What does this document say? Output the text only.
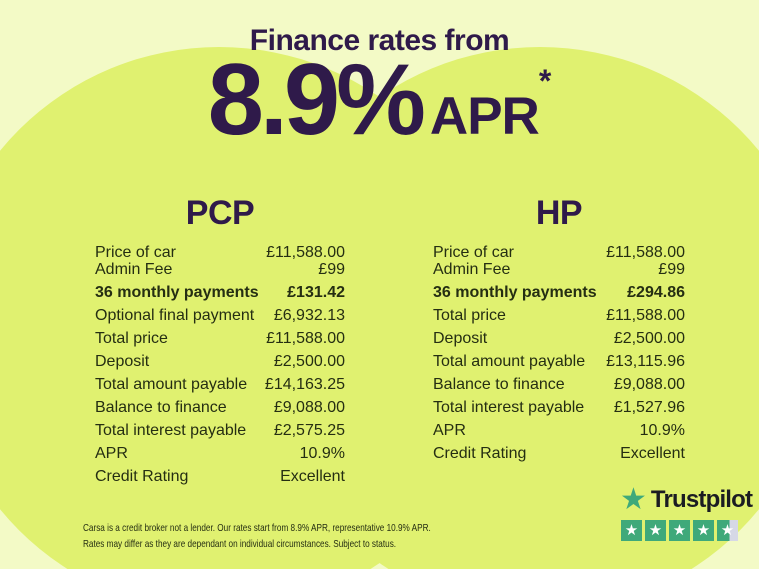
Finance rates from
8.9% APR*
PCP
Price of car	£11,588.00
Admin Fee	£99
36 monthly payments £131.42
Optional final payment £6,932.13
Total price	£11,588.00
Deposit	£2,500.00
Total amount payable £14,163.25
Balance to finance	£9,088.00
Total interest payable £2,575.25
APR	10.9%
Credit Rating	Excellent
HP
Price of car	£11,588.00
Admin Fee	£99
36 monthly payments £294.86
Total price	£11,588.00
Deposit	£2,500.00
Total amount payable £13,115.96
Balance to finance	£9,088.00
Total interest payable £1,527.96
APR	10.9%
Credit Rating	Excellent
Carsa is a credit broker not a lender. Our rates start from 8.9% APR, representative 10.9% APR.
Rates may differ as they are dependant on individual circumstances. Subject to status.
★ Trustpilot
★ ★ ★ ★ ★
